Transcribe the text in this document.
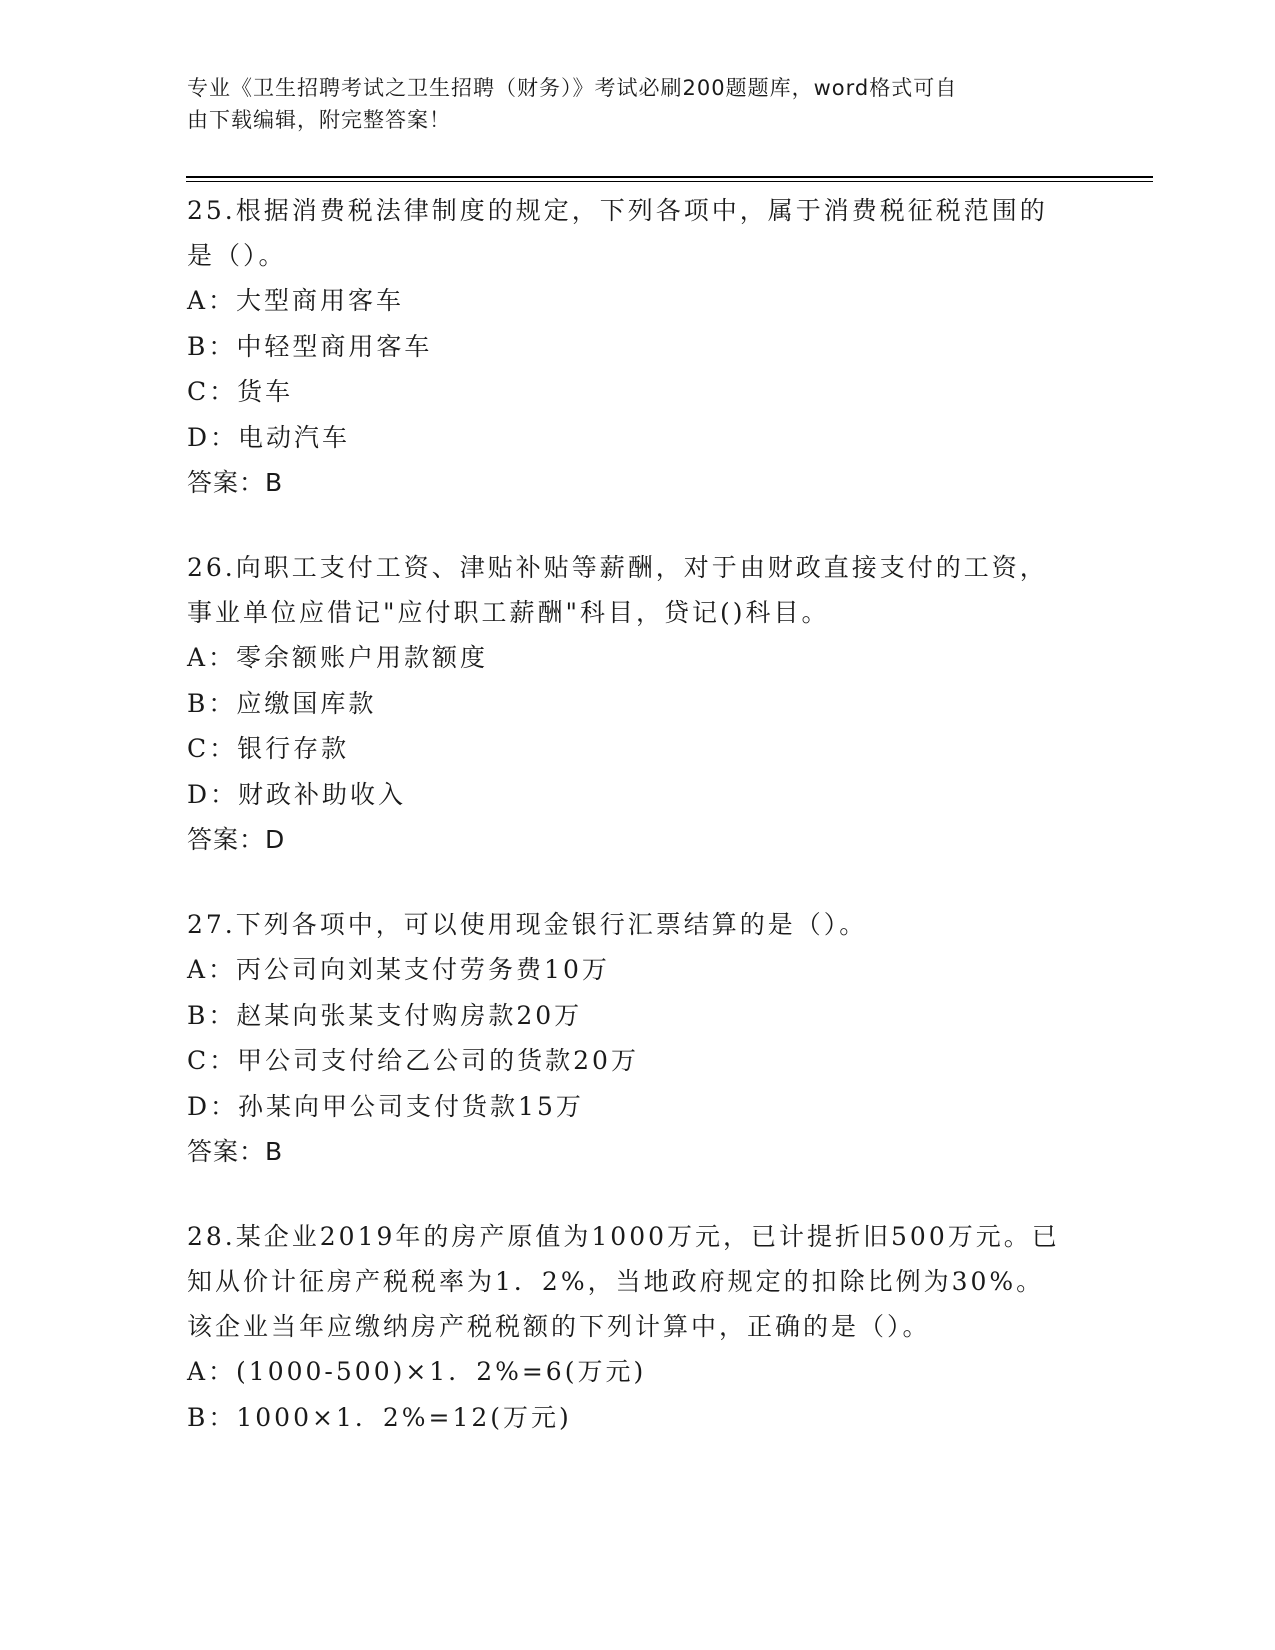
专业《卫生招聘考试之卫生招聘（财务）》考试必刷200题题库，word格式可自
由下载编辑，附完整答案！
25.根据消费税法律制度的规定，下列各项中，属于消费税征税范围的
是（）。
A：大型商用客车
B：中轻型商用客车
C：货车
D：电动汽车
答案：B
26.向职工支付工资、津贴补贴等薪酬，对于由财政直接支付的工资，
事业单位应借记"应付职工薪酬"科目，贷记()科目。
A：零余额账户用款额度
B：应缴国库款
C：银行存款
D：财政补助收入
答案：D
27.下列各项中，可以使用现金银行汇票结算的是（）。
A：丙公司向刘某支付劳务费10万
B：赵某向张某支付购房款20万
C：甲公司支付给乙公司的货款20万
D：孙某向甲公司支付货款15万
答案：B
28.某企业2019年的房产原值为1000万元，已计提折旧500万元。已
知从价计征房产税税率为1．2%，当地政府规定的扣除比例为30%。
该企业当年应缴纳房产税税额的下列计算中，正确的是（）。
A：(1000-500)×1．2%=6(万元)
B：1000×1．2%=12(万元)
